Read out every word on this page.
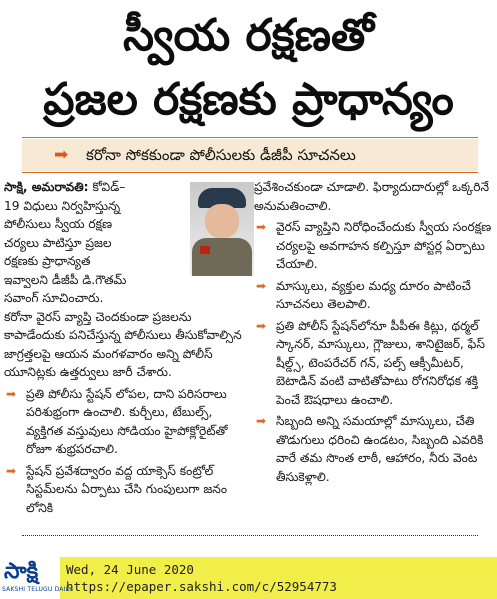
స్వీయ రక్షణతో
ప్రజల రక్షణకు ప్రాధాన్యం
➡ కరోనా సోకకుండా పోలీసులకు డీజీపీ సూచనలు
సాక్షి, అమరావతి: కోవిడ్‌–19 విధులు నిర్వహిస్తున్న పోలీసులు స్వీయ రక్షణ చర్యలు పాటిస్తూ ప్రజల రక్షణకు ప్రాధాన్యత ఇవ్వాలని డీజీపీ డి.గౌతమ్‌ సవాంగ్‌ సూచించారు.
కరోనా వైరస్‌ వ్యాప్తి చెందకుండా ప్రజలను కాపాడేందుకు పనిచేస్తున్న పోలీసులు తీసుకోవాల్సిన జాగ్రత్తలపై ఆయన మంగళవారం అన్ని పోలీస్‌ యూనిట్లకు ఉత్తర్వులు జారీ చేశారు.
➡ ప్రతి పోలీసు స్టేషన్‌ లోపల, దాని పరిసరాలు పరిశుభ్రంగా ఉంచాలి. కుర్చీలు, టేబుల్స్, వ్యక్తిగత వస్తువులు సోడియం హైపోక్లోరైట్‌తో రోజూ శుభ్రపరచాలి.
➡ స్టేషన్‌ ప్రవేశద్వారం వద్ద యాక్సెస్‌ కంట్రోల్‌ సిస్టమ్‌లను ఏర్పాటు చేసి గుంపులుగా జనం లోనికి
ప్రవేశించకుండా చూడాలి. ఫిర్యాదుదారుల్లో ఒక్కరినే అనుమతించాలి.
➡ వైరస్‌ వ్యాప్తిని నిరోధించేందుకు స్వీయ సంరక్షణ చర్యలపై అవగాహన కల్పిస్తూ పోస్టర్ల ఏర్పాటు చేయాలి.
➡ మాస్కులు, వ్యక్తుల మధ్య దూరం పాటించే సూచనలు తెలపాలి.
➡ ప్రతి పోలీస్‌ స్టేషన్‌లోనూ పీపీఈ కిట్లు, థర్మల్‌ స్కానర్, మాస్కులు, గ్లౌజులు, శానిటైజర్, ఫేస్‌ షీల్డ్స్, టెంపరేచర్‌ గన్, పల్స్‌ ఆక్సీమీటర్, బెటాడిన్‌ వంటి వాటితోపాటు రోగనిరోధక శక్తి పెంచే ఔషధాలు ఉంచాలి.
➡ సిబ్బంది అన్ని సమయాల్లో మాస్కులు, చేతి తొడుగులు ధరించి ఉండటం, సిబ్బంది ఎవరికి వారే తమ సొంత లాఠీ, ఆహారం, నీరు వెంట తీసుకెళ్లాలి.
సాక్షి
SAKSHI TELUGU DAILY
Wed, 24 June 2020
https://epaper.sakshi.com/c/52954773
